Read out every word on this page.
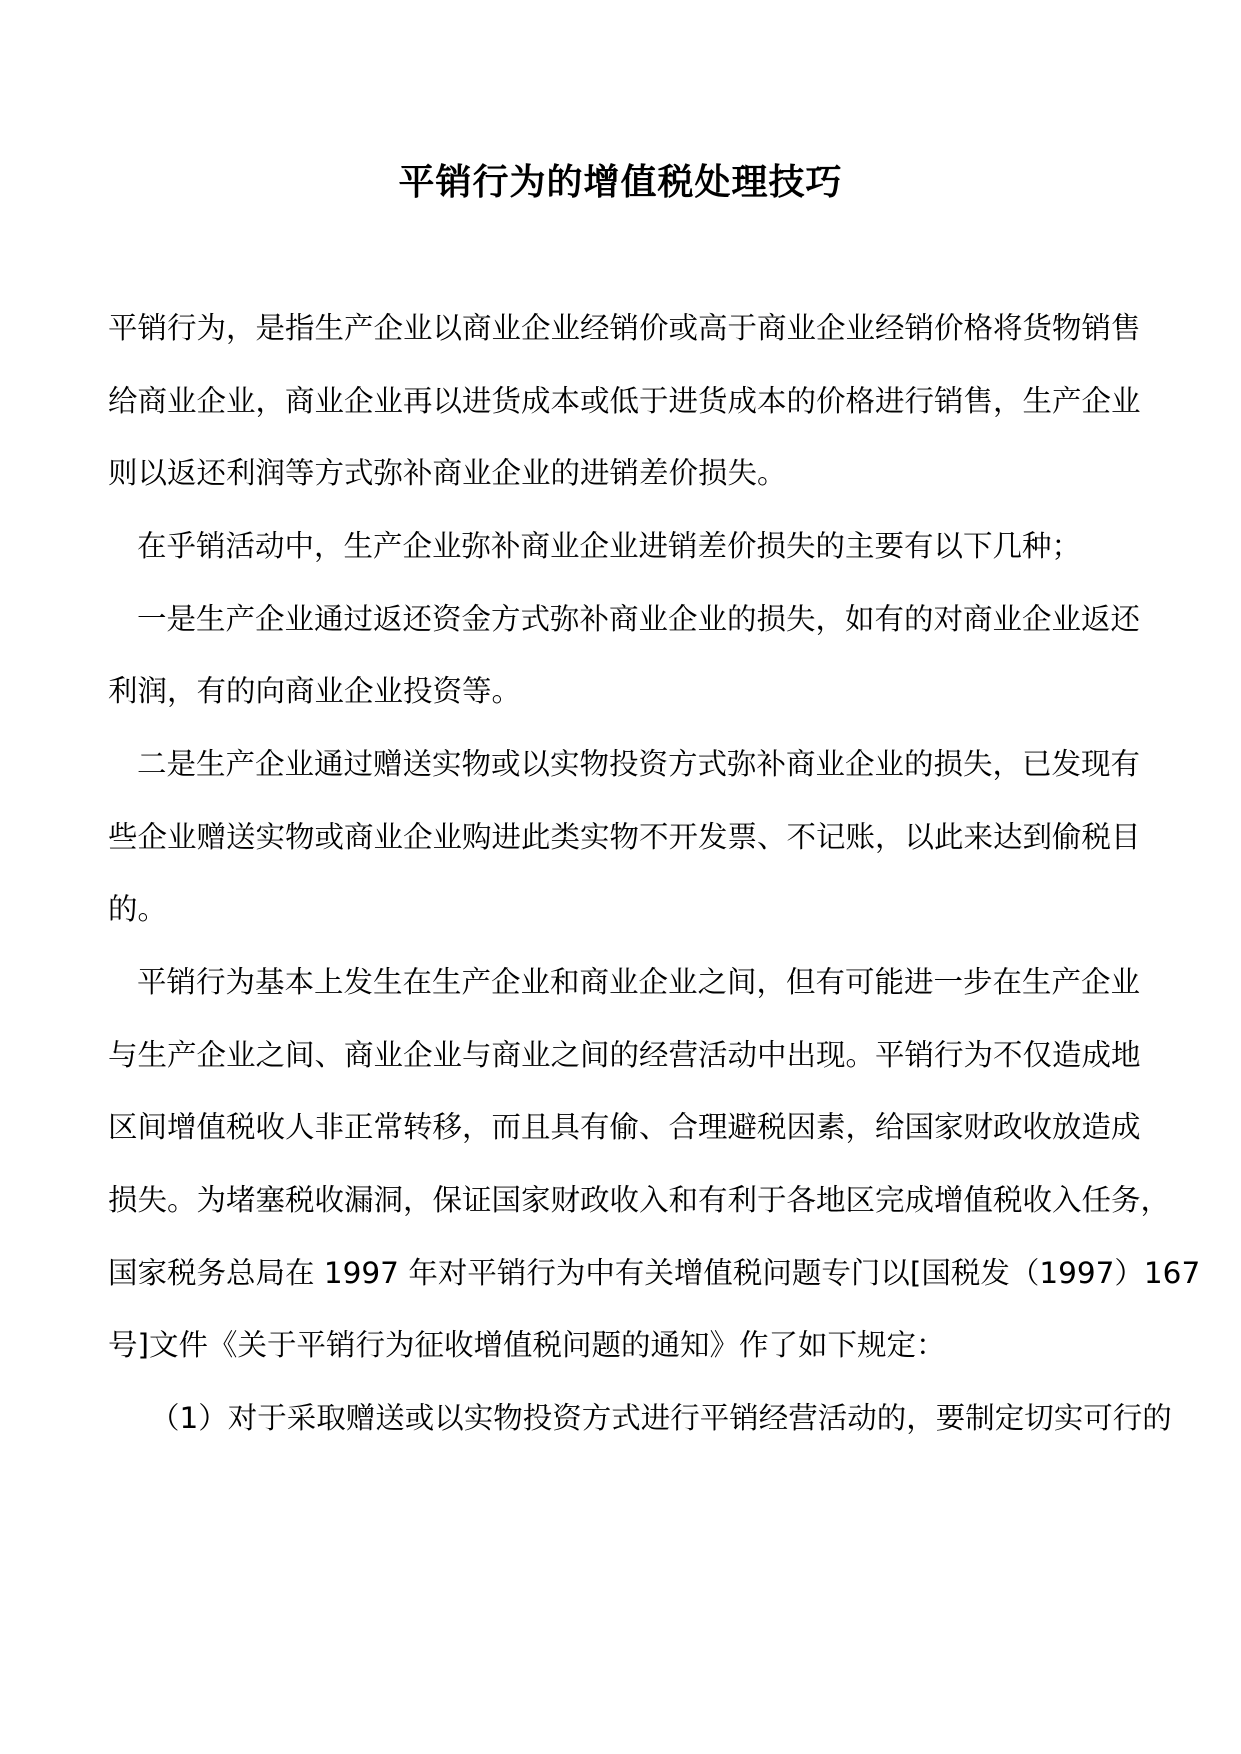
平销行为的增值税处理技巧

平销行为，是指生产企业以商业企业经销价或高于商业企业经销价格将货物销售

给商业企业，商业企业再以进货成本或低于进货成本的价格进行销售，生产企业

则以返还利润等方式弥补商业企业的进销差价损失。

在乎销活动中，生产企业弥补商业企业进销差价损失的主要有以下几种；

一是生产企业通过返还资金方式弥补商业企业的损失，如有的对商业企业返还

利润，有的向商业企业投资等。

二是生产企业通过赠送实物或以实物投资方式弥补商业企业的损失，已发现有

些企业赠送实物或商业企业购进此类实物不开发票、不记账，以此来达到偷税目

的。

平销行为基本上发生在生产企业和商业企业之间，但有可能进一步在生产企业

与生产企业之间、商业企业与商业之间的经营活动中出现。平销行为不仅造成地

区间增值税收人非正常转移，而且具有偷、合理避税因素，给国家财政收放造成

损失。为堵塞税收漏洞，保证国家财政收入和有利于各地区完成增值税收入任务，

国家税务总局在 1997 年对平销行为中有关增值税问题专门以[国税发（1997）167

号]文件《关于平销行为征收增值税问题的通知》作了如下规定：

（1）对于采取赠送或以实物投资方式进行平销经营活动的，要制定切实可行的
